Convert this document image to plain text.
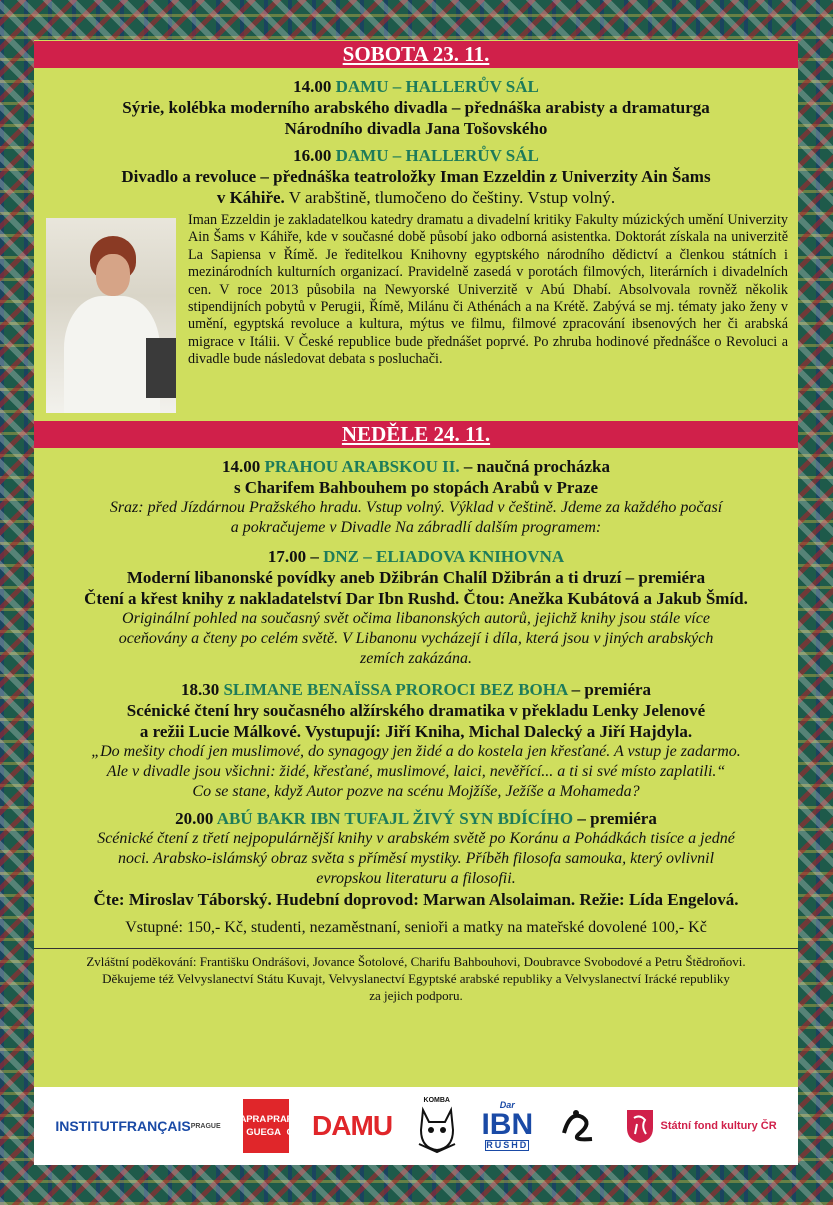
SOBOTA 23. 11.
14.00 DAMU – HALLERŮV SÁL
Sýrie, kolébka moderního arabského divadla – přednáška arabisty a dramaturga
Národního divadla Jana Tošovského
16.00 DAMU – HALLERŮV SÁL
Divadlo a revoluce – přednáška teatroložky Iman Ezzeldin z Univerzity Ain Šams
v Káhiře. V arabštině, tlumočeno do češtiny. Vstup volný.
Iman Ezzeldin je zakladatelkou katedry dramatu a divadelní kritiky Fakulty múzických umění Univerzity Ain Šams v Káhiře, kde v současné době působí jako odborná asistentka. Doktorát získala na univerzitě La Sapiensa v Římě. Je ředitelkou Knihovny egyptského národního dědictví a členkou státních i mezinárodních kulturních organizací. Pravidelně zasedá v porotách filmových, literárních i divadelních cen. V roce 2013 působila na Newyorské Univerzitě v Abú Dhabí. Absolvovala rovněž několik stipendijních pobytů v Perugii, Římě, Milánu či Athénách a na Krétě. Zabývá se mj. tématy jako ženy v umění, egyptská revoluce a kultura, mýtus ve filmu, filmové zpracování ibsenových her či arabská migrace v Itálii. V České republice bude přednášet poprvé. Po zhruba hodinové přednášce o Revoluci a divadle bude následovat debata s posluchači.
NEDĚLE 24. 11.
14.00 PRAHOU ARABSKOU II. – naučná procházka
s Charifem Bahbouhem po stopách Arabů v Praze
Sraz: před Jízdárnou Pražského hradu. Vstup volný. Výklad v češtině. Jdeme za každého počasí
a pokračujeme v Divadle Na zábradlí dalším programem:
17.00 – DNZ – ELIADOVA KNIHOVNA
Moderní libanonské povídky aneb Džibrán Chalíl Džibrán a ti druzí – premiéra
Čtení a křest knihy z nakladatelství Dar Ibn Rushd. Čtou: Anežka Kubátová a Jakub Šmíd.
Originální pohled na současný svět očima libanonských autorů, jejichž knihy jsou stále více
oceňovány a čteny po celém světě. V Libanonu vycházejí i díla, která jsou v jiných arabských
zemích zakázána.
18.30 SLIMANE BENAÏSSA PROROCI BEZ BOHA – premiéra
Scénické čtení hry současného alžírského dramatika v překladu Lenky Jelenové
a režii Lucie Málkové. Vystupují: Jiří Kniha, Michal Dalecký a Jiří Hajdyla.
„Do mešity chodí jen muslimové, do synagogy jen židé a do kostela jen křesťané. A vstup je zadarmo.
Ale v divadle jsou všichni: židé, křesťané, muslimové, laici, nevěřící... a ti si své místo zaplatili.“
Co se stane, když Autor pozve na scénu Mojžíše, Ježíše a Mohameda?
20.00 ABÚ BAKR IBN TUFAJL ŽIVÝ SYN BDÍCÍHO – premiéra
Scénické čtení z třetí nejpopulárnější knihy v arabském světě po Koránu a Pohádkách tisíce a jedné
noci. Arabsko-islámský obraz světa s příměsí mystiky. Příběh filosofa samouka, který ovlivnil
evropskou literaturu a filosofii.
Čte: Miroslav Táborský. Hudební doprovod: Marwan Alsolaiman. Režie: Lída Engelová.
Vstupné: 150,- Kč, studenti, nezaměstnaní, senioři a matky na mateřské dovolené 100,- Kč
Zvláštní poděkování: Františku Ondrášovi, Jovance Šotolové, Charifu Bahbouhovi, Doubravce Svobodové a Petru Štědroňovi.
Děkujeme též Velvyslanectví Státu Kuvajt, Velvyslanectví Egyptské arabské republiky a Velvyslanectví Irácké republiky
za jejich podporu.
INSTITUT FRANÇAIS PRAGUE
PRA HA
PRA GUE
PRA GA
PRA G DAMU
KOMBA	Dar
IBN
RUSHD
Státní fond kultury ČR
